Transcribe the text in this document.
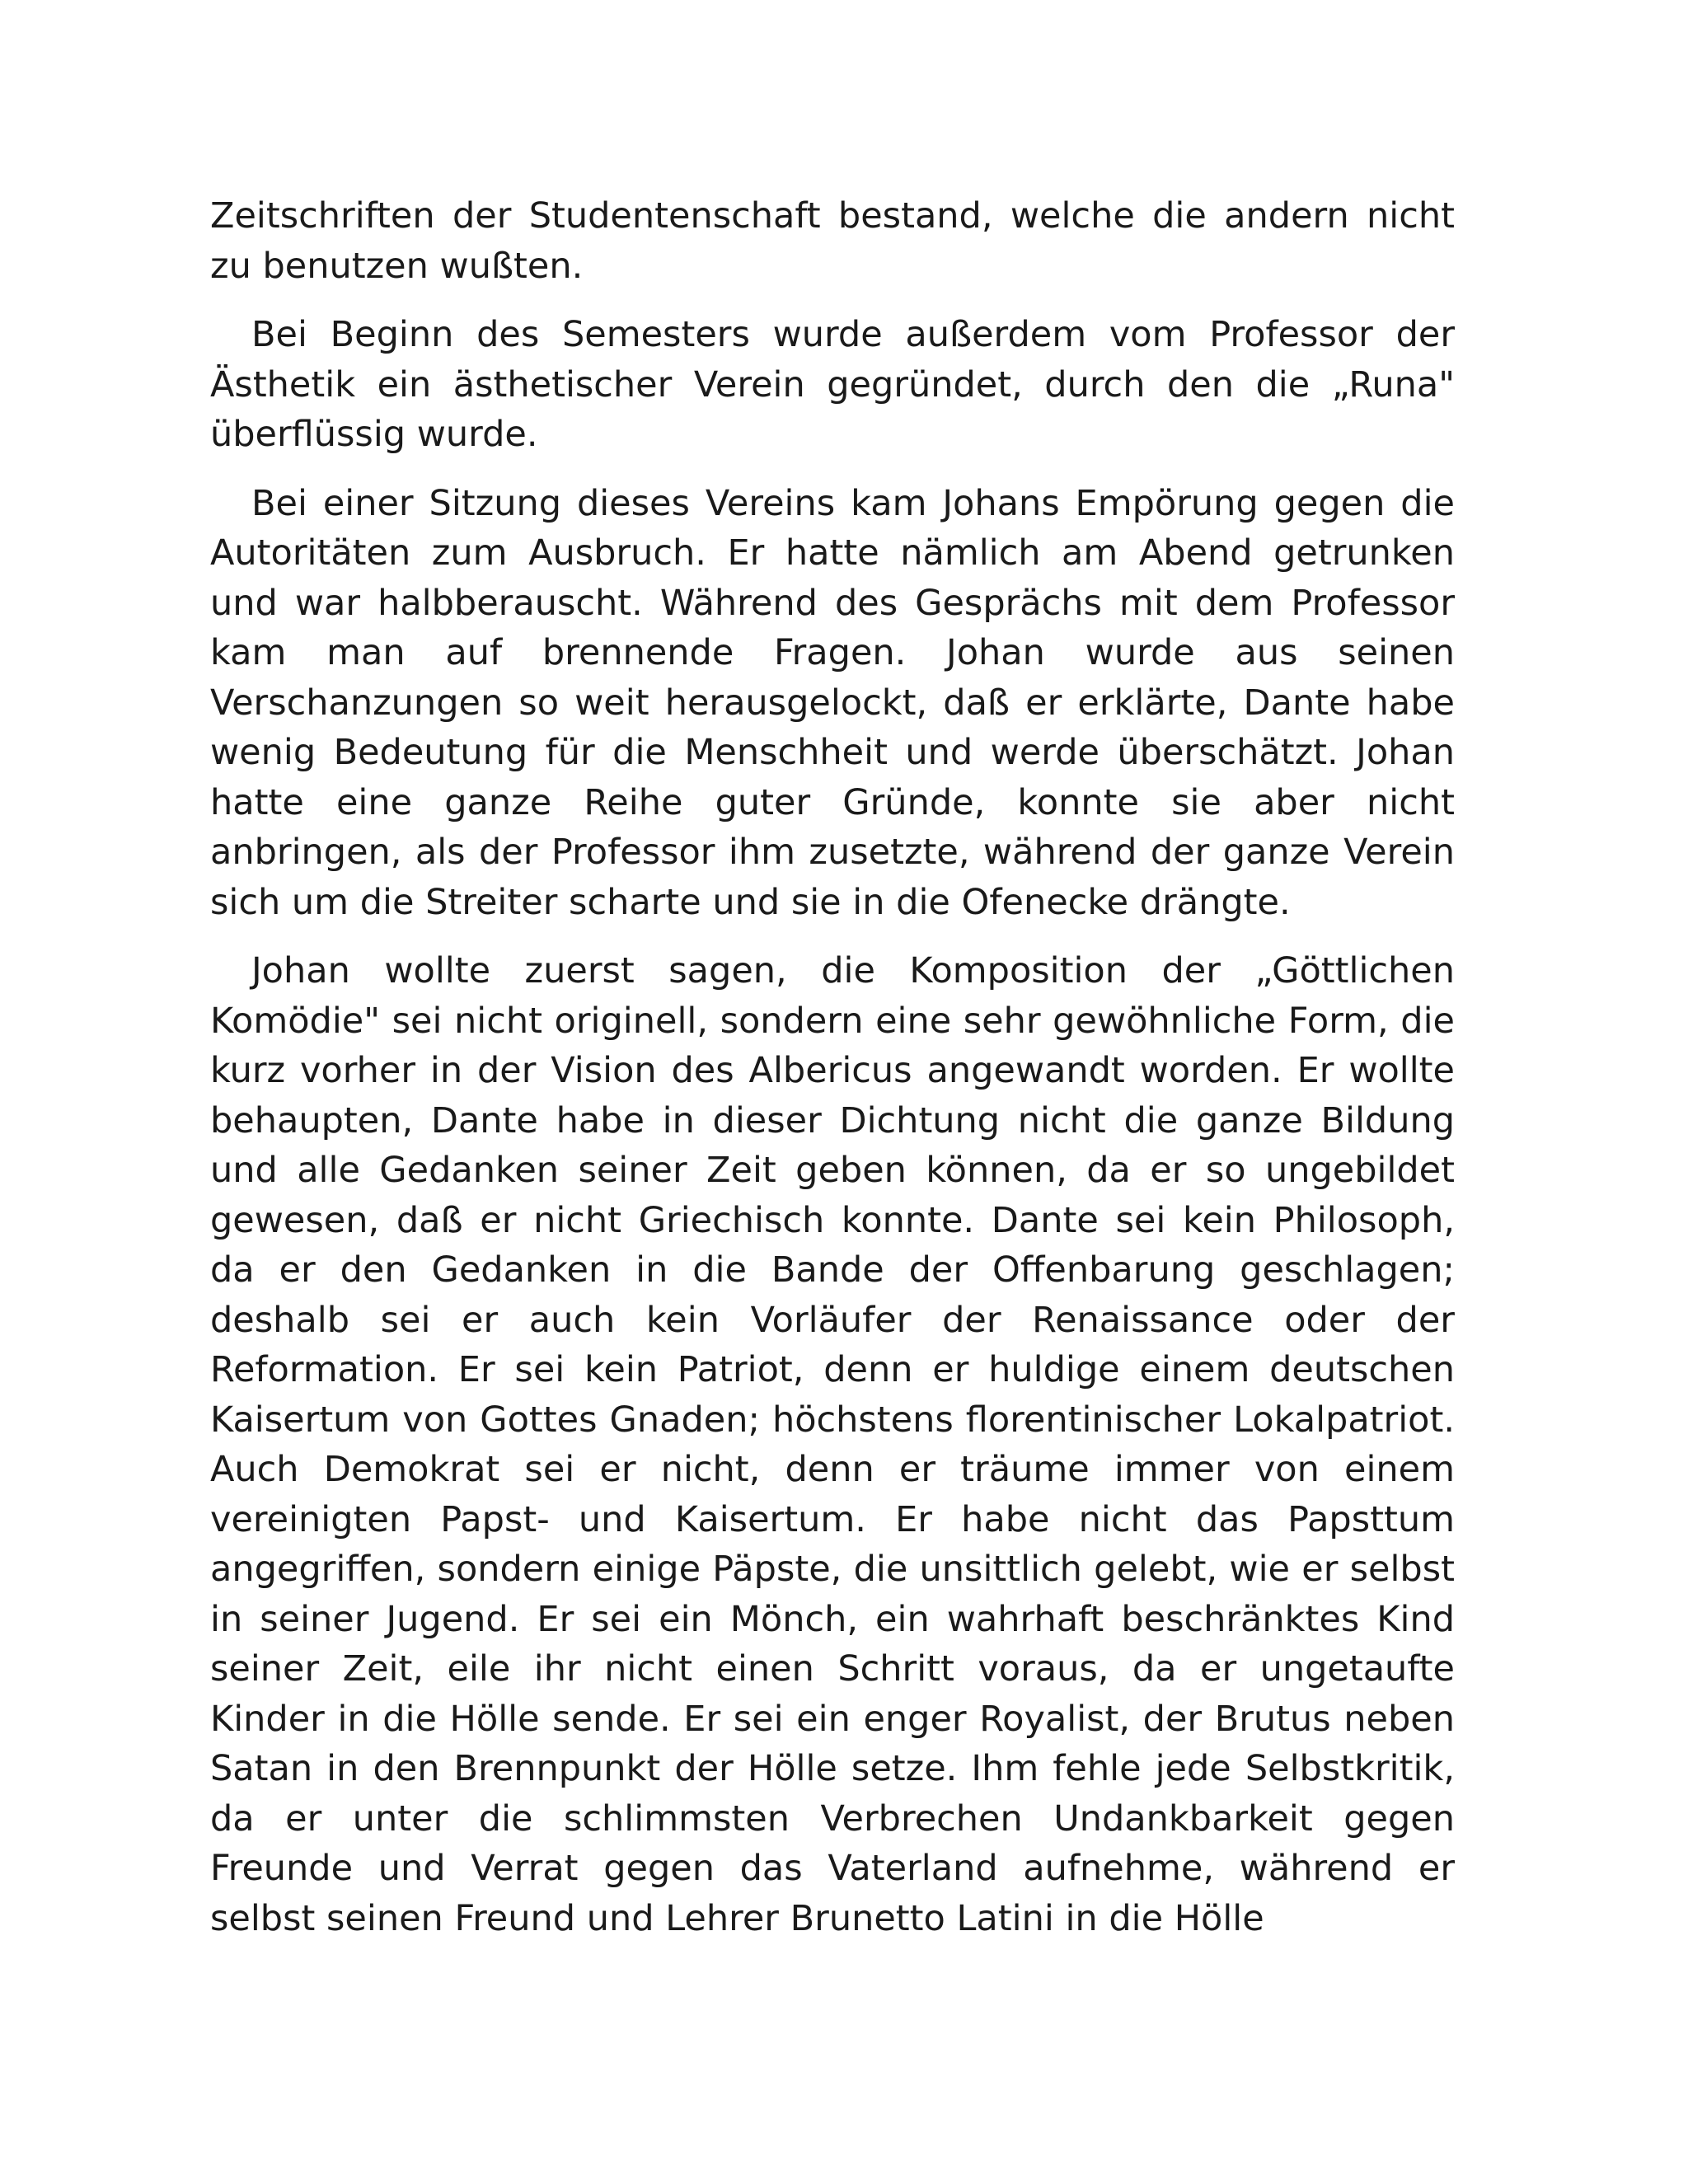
Zeitschriften der Studentenschaft bestand, welche die andern nicht zu benutzen wußten.

Bei Beginn des Semesters wurde außerdem vom Professor der Ästhetik ein ästhetischer Verein gegründet, durch den die „Runa" überflüssig wurde.

Bei einer Sitzung dieses Vereins kam Johans Empörung gegen die Autoritäten zum Ausbruch. Er hatte nämlich am Abend getrunken und war halbberauscht. Während des Gesprächs mit dem Professor kam man auf brennende Fragen. Johan wurde aus seinen Verschanzungen so weit herausgelockt, daß er erklärte, Dante habe wenig Bedeutung für die Menschheit und werde überschätzt. Johan hatte eine ganze Reihe guter Gründe, konnte sie aber nicht anbringen, als der Professor ihm zusetzte, während der ganze Verein sich um die Streiter scharte und sie in die Ofenecke drängte.

Johan wollte zuerst sagen, die Komposition der „Göttlichen Komödie" sei nicht originell, sondern eine sehr gewöhnliche Form, die kurz vorher in der Vision des Albericus angewandt worden. Er wollte behaupten, Dante habe in dieser Dichtung nicht die ganze Bildung und alle Gedanken seiner Zeit geben können, da er so ungebildet gewesen, daß er nicht Griechisch konnte. Dante sei kein Philosoph, da er den Gedanken in die Bande der Offenbarung geschlagen; deshalb sei er auch kein Vorläufer der Renaissance oder der Reformation. Er sei kein Patriot, denn er huldige einem deutschen Kaisertum von Gottes Gnaden; höchstens florentinischer Lokalpatriot. Auch Demokrat sei er nicht, denn er träume immer von einem vereinigten Papst- und Kaisertum. Er habe nicht das Papsttum angegriffen, sondern einige Päpste, die unsittlich gelebt, wie er selbst in seiner Jugend. Er sei ein Mönch, ein wahrhaft beschränktes Kind seiner Zeit, eile ihr nicht einen Schritt voraus, da er ungetaufte Kinder in die Hölle sende. Er sei ein enger Royalist, der Brutus neben Satan in den Brennpunkt der Hölle setze. Ihm fehle jede Selbstkritik, da er unter die schlimmsten Verbrechen Undankbarkeit gegen Freunde und Verrat gegen das Vaterland aufnehme, während er selbst seinen Freund und Lehrer Brunetto Latini in die Hölle
